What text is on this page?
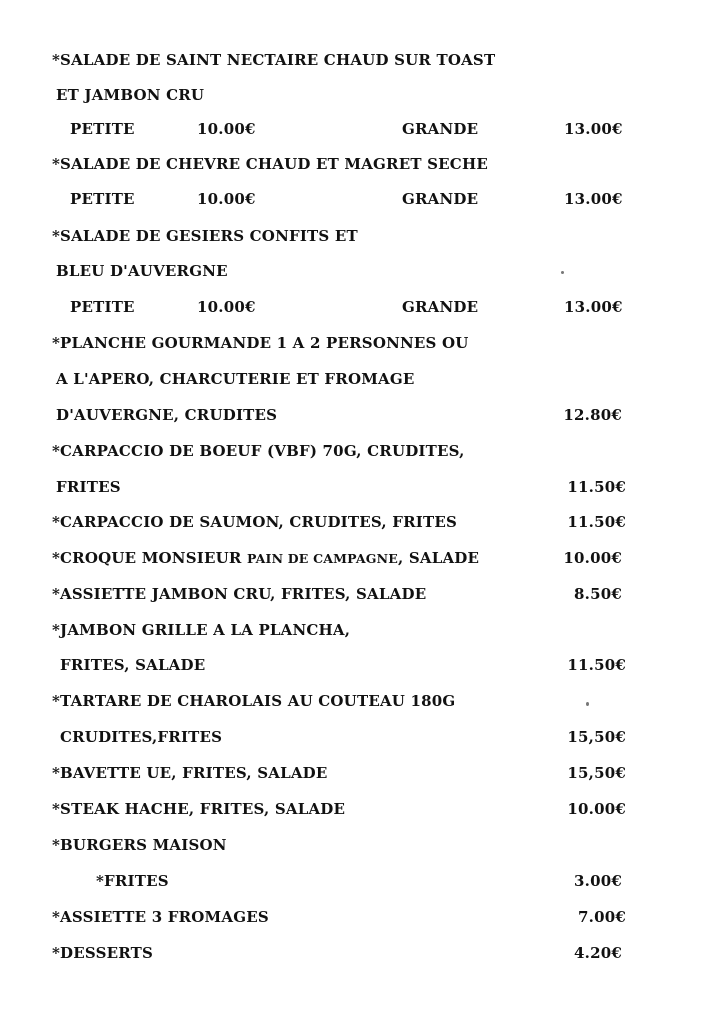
*SALADE DE SAINT NECTAIRE CHAUD SUR TOAST
ET JAMBON CRU
PETITE	10.00€	GRANDE	13.00€
*SALADE DE CHEVRE CHAUD ET MAGRET SECHE
PETITE	10.00€	GRANDE	13.00€
*SALADE DE GESIERS CONFITS ET
BLEU D'AUVERGNE
PETITE	10.00€	GRANDE	13.00€
*PLANCHE GOURMANDE 1 A 2 PERSONNES OU
A L'APERO, CHARCUTERIE ET FROMAGE
D'AUVERGNE, CRUDITES	12.80€
*CARPACCIO DE BOEUF (VBF) 70G, CRUDITES,
FRITES	11.50€
*CARPACCIO DE SAUMON, CRUDITES, FRITES	11.50€
*CROQUE MONSIEUR PAIN DE CAMPAGNE, SALADE	10.00€
*ASSIETTE JAMBON CRU, FRITES, SALADE	8.50€
*JAMBON GRILLE A LA PLANCHA,
FRITES, SALADE	11.50€
*TARTARE DE CHAROLAIS AU COUTEAU 180G
CRUDITES,FRITES	15,50€
*BAVETTE UE, FRITES, SALADE	15,50€
*STEAK HACHE, FRITES, SALADE	10.00€
*BURGERS MAISON
*FRITES	3.00€
*ASSIETTE 3 FROMAGES	7.00€
*DESSERTS	4.20€
